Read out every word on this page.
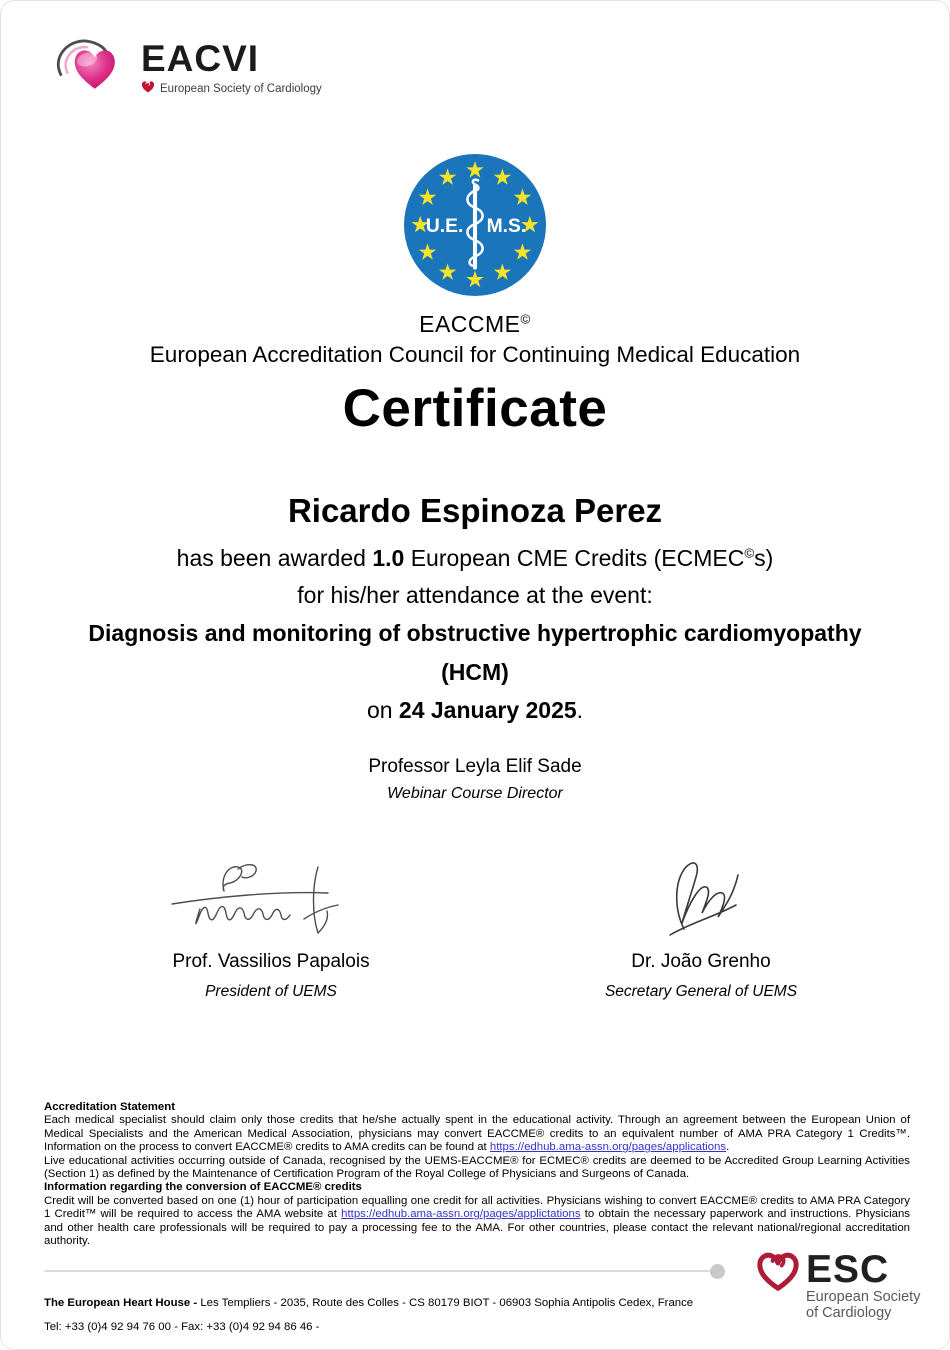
EACVI
European Society of Cardiology
U.E. M.S.
EACCME©
European Accreditation Council for Continuing Medical Education
Certificate
Ricardo Espinoza Perez
has been awarded 1.0 European CME Credits (ECMEC©s)
for his/her attendance at the event:
Diagnosis and monitoring of obstructive hypertrophic cardiomyopathy
(HCM)
on 24 January 2025.
Professor Leyla Elif Sade
Webinar Course Director
Prof. Vassilios Papalois
President of UEMS
Dr. João Grenho
Secretary General of UEMS

Accreditation Statement

Each medical specialist should claim only those credits that he/she actually spent in the educational activity. Through an agreement between the European Union of Medical Specialists and the American Medical Association, physicians may convert EACCME® credits to an equivalent number of AMA PRA Category 1 Credits™. Information on the process to convert EACCME® credits to AMA credits can be found at https://edhub.ama-assn.org/pages/applications.

Live educational activities occurring outside of Canada, recognised by the UEMS-EACCME® for ECMEC® credits are deemed to be Accredited Group Learning Activities (Section 1) as defined by the Maintenance of Certification Program of the Royal College of Physicians and Surgeons of Canada.

Information regarding the conversion of EACCME® credits

Credit will be converted based on one (1) hour of participation equalling one credit for all activities. Physicians wishing to convert EACCME® credits to AMA PRA Category 1 Credit™ will be required to access the AMA website at https://edhub.ama-assn.org/pages/applictations to obtain the necessary paperwork and instructions. Physicians and other health care professionals will be required to pay a processing fee to the AMA. For other countries, please contact the relevant national/regional accreditation authority.

The European Heart House - Les Templiers - 2035, Route des Colles - CS 80179 BIOT - 06903 Sophia Antipolis Cedex, France
Tel: +33 (0)4 92 94 76 00 - Fax: +33 (0)4 92 94 86 46 -
ESC
European Society
of Cardiology
